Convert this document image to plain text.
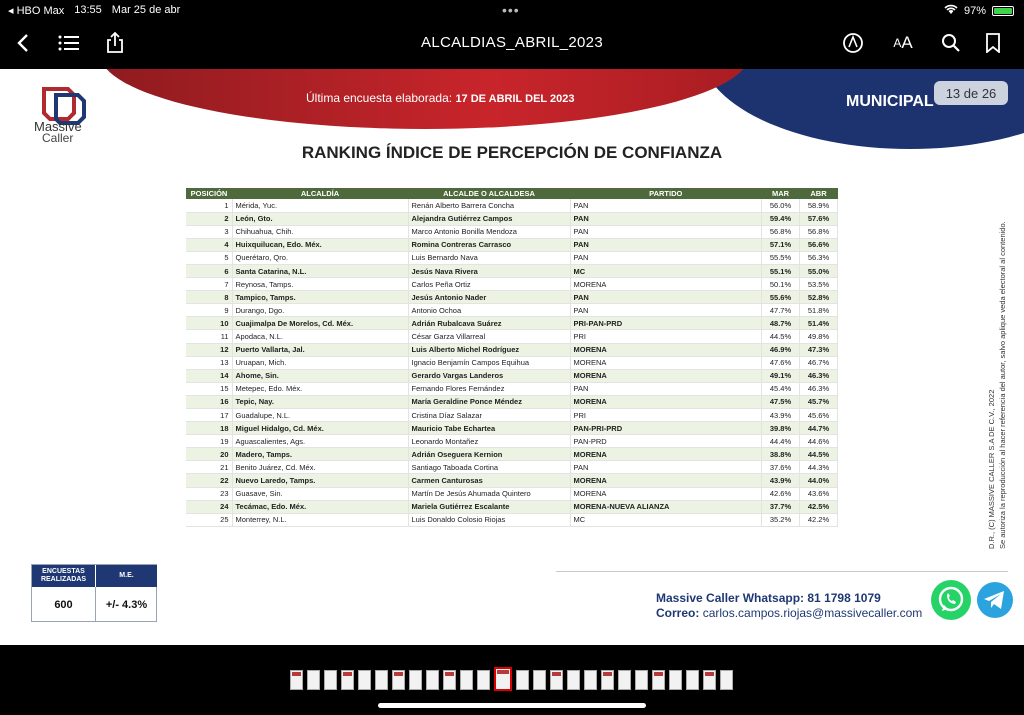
◂ HBO Max 13:55 Mar 25 de abr	•••	97%
ALCALDIAS_ABRIL_2023	A A
Última encuesta elaborada: 17 DE ABRIL DEL 2023	MUNICIPAL 13 de 26
Massive
Caller
RANKING ÍNDICE DE PERCEPCIÓN DE CONFIANZA
POSICIÓN	ALCALDÍA	ALCALDE O ALCALDESA	PARTIDO	MAR	ABR
1	Mérida, Yuc.	Renán Alberto Barrera Concha	PAN	56.0%	58.9%
2	León, Gto.	Alejandra Gutiérrez Campos	PAN	59.4%	57.6%
3	Chihuahua, Chih.	Marco Antonio Bonilla Mendoza	PAN	56.8%	56.8%
4	Huixquilucan, Edo. Méx.	Romina Contreras Carrasco	PAN	57.1%	56.6%
5	Querétaro, Qro.	Luis Bernardo Nava	PAN	55.5%	56.3%
6	Santa Catarina, N.L.	Jesús Nava Rivera	MC	55.1%	55.0%
7	Reynosa, Tamps.	Carlos Peña Ortiz	MORENA	50.1%	53.5%
8	Tampico, Tamps.	Jesús Antonio Nader	PAN	55.6%	52.8%
9	Durango, Dgo.	Antonio Ochoa	PAN	47.7%	51.8%
10	Cuajimalpa De Morelos, Cd. Méx.	Adrián Rubalcava Suárez	PRI-PAN-PRD	48.7%	51.4%
11	Apodaca, N.L.	César Garza Villarreal	PRI	44.5%	49.8%
12	Puerto Vallarta, Jal.	Luis Alberto Michel Rodríguez	MORENA	46.9%	47.3%
13	Uruapan, Mich.	Ignacio Benjamín Campos Equihua	MORENA	47.6%	46.7%
14	Ahome, Sin.	Gerardo Vargas Landeros	MORENA	49.1%	46.3%
15	Metepec, Edo. Méx.	Fernando Flores Fernández	PAN	45.4%	46.3%
16	Tepic, Nay.	María Geraldine Ponce Méndez	MORENA	47.5%	45.7%
17	Guadalupe, N.L.	Cristina Díaz Salazar	PRI	43.9%	45.6%
18	Miguel Hidalgo, Cd. Méx.	Mauricio Tabe Echartea	PAN-PRI-PRD	39.8%	44.7%
19	Aguascalientes, Ags.	Leonardo Montañez	PAN-PRD	44.4%	44.6%
20	Madero, Tamps.	Adrián Oseguera Kernion	MORENA	38.8%	44.5%
21	Benito Juárez, Cd. Méx.	Santiago Taboada Cortina	PAN	37.6%	44.3%
22	Nuevo Laredo, Tamps.	Carmen Canturosas	MORENA	43.9%	44.0%
23	Guasave, Sin.	Martín De Jesús Ahumada Quintero	MORENA	42.6%	43.6%
24	Tecámac, Edo. Méx.	Mariela Gutiérrez Escalante	MORENA-NUEVA ALIANZA	37.7%	42.5%
25	Monterrey, N.L.	Luis Donaldo Colosio Riojas	MC	35.2%	42.2%
ENCUESTAS REALIZADAS
M.E.
600	+/- 4.3%	Massive Caller Whatsapp: 81 1798 1079
Correo: carlos.campos.riojas@massivecaller.com
D.R., (C) MASSIVE CALLER S.A DE C.V., 2022 Se autoriza la reproducción al hacer referencia del autor, salvo aplique veda electoral al contenido.
